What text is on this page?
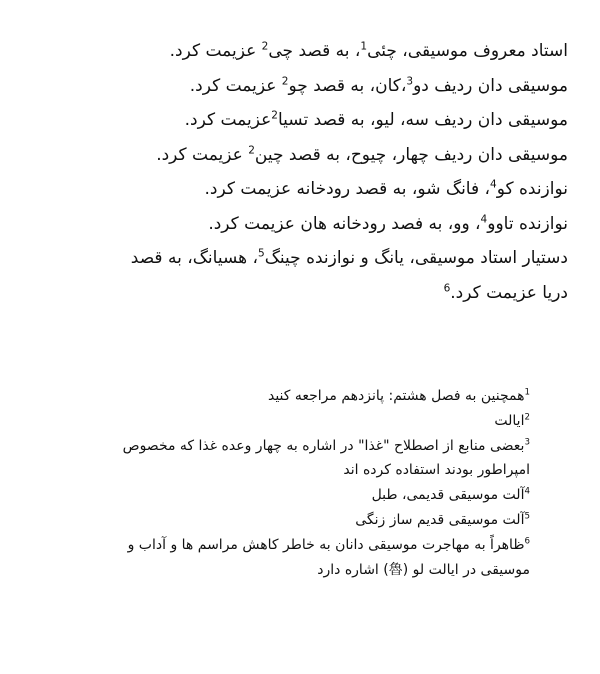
استاد معروف موسیقی، چئی$^1$، به قصد چی$^2$ عزیمت کرد.

موسیقی دان ردیف دو$^3$،کان، به قصد چو$^2$ عزیمت کرد.

موسیقی دان ردیف سه، لیو، به قصد تسیا$^2$عزیمت کرد.

موسیقی دان ردیف چهار، چیوح، به قصد چین$^2$ عزیمت کرد.

نوازنده کو$^4$، فانگ شو، به قصد رودخانه عزیمت کرد.

نوازنده تاوو$^4$، وو، به فصد رودخانه هان عزیمت کرد.

دستیار استاد موسیقی، یانگ و نوازنده چینگ$^5$، هسیانگ، به قصد دریا عزیمت کرد.$^6$

$^1$همچنین به فصل هشتم: پانزدهم مراجعه کنید

$^2$ایالت

$^3$بعضی منابع از اصطلاح "غذا" در اشاره به چهار وعده غذا که مخصوص امپراطور بودند استفاده کرده اند

$^4$آلت موسیقی قدیمی، طبل

$^5$آلت موسیقی قدیم ساز زنگی

$^6$ظاهراً به مهاجرت موسیقی دانان به خاطر کاهش مراسم ها و آداب و موسیقی در ایالت لو (魯) اشاره دارد
